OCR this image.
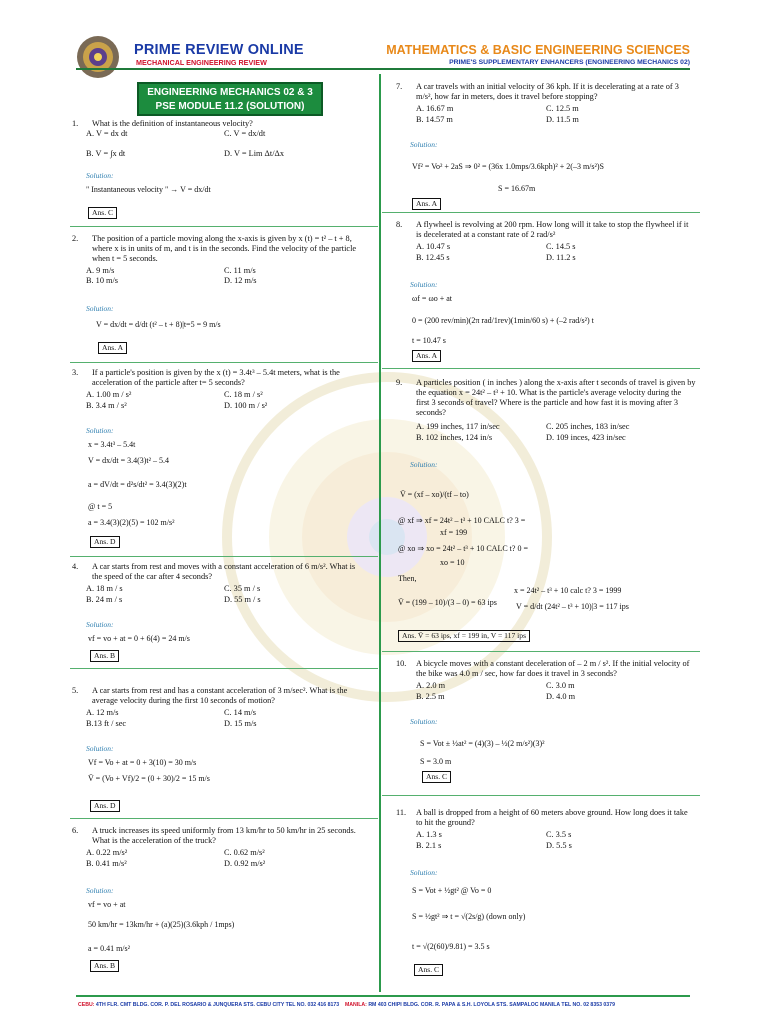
PRIME REVIEW ONLINE
MECHANICAL ENGINEERING REVIEW
MATHEMATICS & BASIC ENGINEERING SCIENCES
PRIME'S SUPPLEMENTARY ENHANCERS (ENGINEERING MECHANICS 02)
ENGINEERING MECHANICS 02 & 3
PSE MODULE 11.2 (SOLUTION)
1. What is the definition of instantaneous velocity?
A. V = dx dt	C. V = dx/dt
B. V = ∫x dt	D. V = Lim Δt/Δx
Solution:
" Instantaneous velocity " → V = dx/dt
Ans. C
2. The position of a particle moving along the x-axis is given by x (t) = t² – t + 8, where x is in units of m, and t is in the seconds. Find the velocity of the particle when t = 5 seconds.
A. 9 m/s	C. 11 m/s
B. 10 m/s	D. 12 m/s
Solution:
V = dx/dt = d/dt (t² – t + 8)|t=5 = 9 m/s
Ans. A
3. If a particle's position is given by the x (t) = 3.4t³ – 5.4t meters, what is the acceleration of the particle after t= 5 seconds?
A. 1.00 m / s²	C. 18 m / s²
B. 3.4 m / s²	D. 100 m / s²
Solution:
x = 3.4t³ – 5.4t
V = dx/dt = 3.4(3)t² – 5.4
a = dV/dt = d²s/dt² = 3.4(3)(2)t
@ t = 5
a = 3.4(3)(2)(5) = 102 m/s²
Ans. D
4. A car starts from rest and moves with a constant acceleration of 6 m/s². What is the speed of the car after 4 seconds?
A. 18 m / s	C. 35 m / s
B. 24 m / s	D. 55 m / s
Solution:
vf = vo + at = 0 + 6(4) = 24 m/s
Ans. B
5. A car starts from rest and has a constant acceleration of 3 m/sec². What is the average velocity during the first 10 seconds of motion?
A. 12 m/s	C. 14 m/s
B.13 ft / sec	D. 15 m/s
Solution:
Vf = Vo + at = 0 + 3(10) = 30 m/s
V̄ = (Vo + Vf)/2 = (0 + 30)/2 = 15 m/s
Ans. D
6. A truck increases its speed uniformly from 13 km/hr to 50 km/hr in 25 seconds. What is the acceleration of the truck?
A. 0.22 m/s²	C. 0.62 m/s²
B. 0.41 m/s²	D. 0.92 m/s²
Solution:
vf = vo + at
50 km/hr = 13km/hr + (a)(25)(3.6kph / 1mps)
a = 0.41 m/s²
Ans. B
7. A car travels with an initial velocity of 36 kph. If it is decelerating at a rate of 3 m/s², how far in meters, does it travel before stopping?
A. 16.67 m	C. 12.5 m
B. 14.57 m	D. 11.5 m
Solution:
Vf² = Vo² + 2aS ⇒ 0² = (36x 1.0mps/3.6kph)² + 2(–3 m/s²)S
S = 16.67m
Ans. A
8. A flywheel is revolving at 200 rpm. How long will it take to stop the flywheel if it is decelerated at a constant rate of 2 rad/s²
A. 10.47 s	C. 14.5 s
B. 12.45 s	D. 11.2 s
Solution:
ωf = ωo + at
0 = (200 rev/min)(2π rad/1rev)(1min/60 s) + (–2 rad/s²) t
t = 10.47 s
Ans. A
9. A particles position ( in inches ) along the x-axis after t seconds of travel is given by the equation x = 24t² – t³ + 10. What is the particle's average velocity during the first 3 seconds of travel? Where is the particle and how fast it is moving after 3 seconds?
A. 199 inches, 117 in/sec	C. 205 inches, 183 in/sec
B. 102 inches, 124 in/s	D. 109 inces, 423 in/sec
Solution:
V̄ = (xf – xo)/(tf – to)
@ xf ⇒ xf = 24t² – t³ + 10 CALC t? 3 =
xf = 199
@ xo ⇒ xo = 24t² – t³ + 10 CALC t? 0 =
xo = 10
Then,
V̄ = (199 – 10)/(3 – 0) = 63 ips
x = 24t² – t³ + 10 calc t? 3 = 1999
V = d/dt (24t² – t³ + 10)|3 = 117 ips
Ans. V̄ = 63 ips, xf = 199 in, V = 117 ips
10. A bicycle moves with a constant deceleration of – 2 m / s². If the initial velocity of the bike was 4.0 m / sec, how far does it travel in 3 seconds?
A. 2.0 m	C. 3.0 m
B. 2.5 m	D. 4.0 m
Solution:
S = Vot ± ½at² = (4)(3) – ½(2 m/s²)(3)²
S = 3.0 m
Ans. C
11. A ball is dropped from a height of 60 meters above ground. How long does it take to hit the ground?
A. 1.3 s	C. 3.5 s
B. 2.1 s	D. 5.5 s
Solution:
S = Vot + ½gt² @ Vo = 0
S = ½gt² ⇒ t = √(2s/g) (down only)
t = √(2(60)/9.81) = 3.5 s
Ans. C
CEBU: 4TH FLR. CMT BLDG. COR. P. DEL ROSARIO & JUNQUERA STS. CEBU CITY TEL NO. 032 416 8173 MANILA: RM 403 CHIPI BLDG. COR. R. PAPA & S.H. LOYOLA STS. SAMPALOC MANILA TEL NO. 02 8353 0379
